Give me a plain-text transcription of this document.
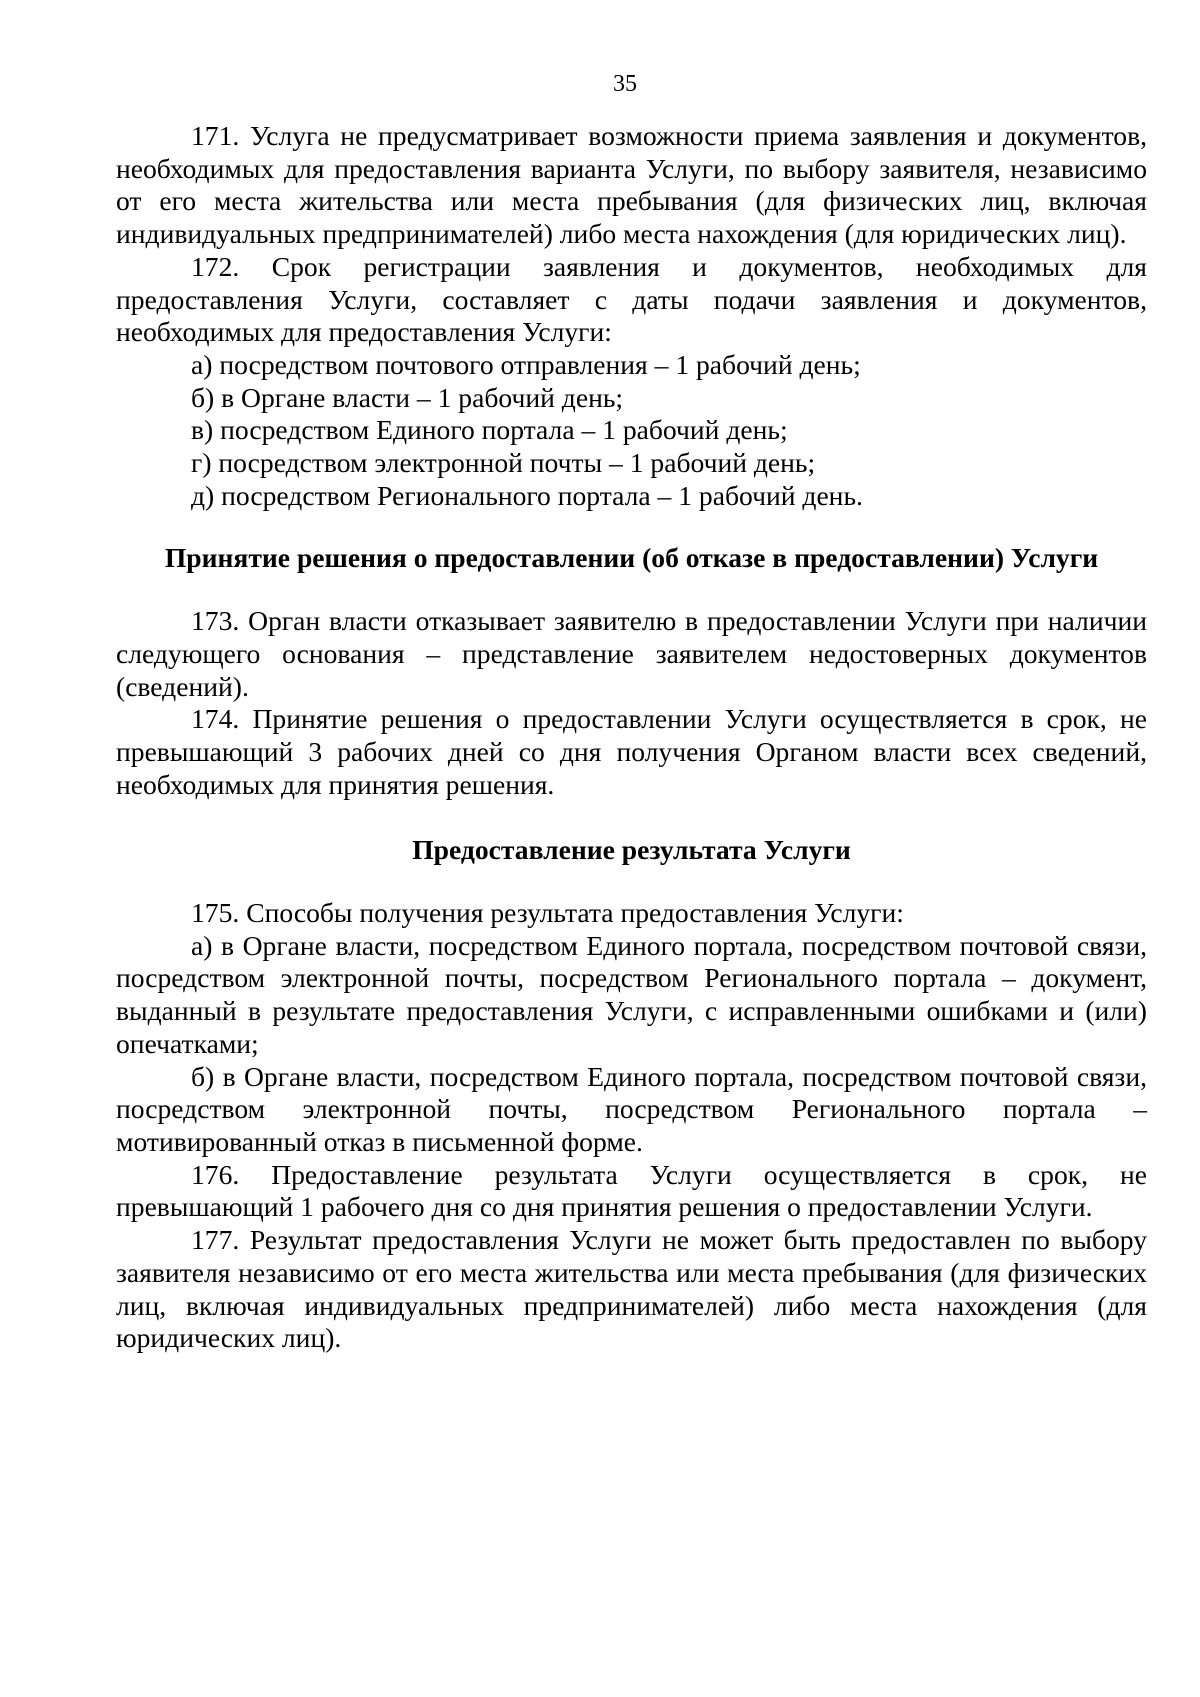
35

171. Услуга не предусматривает возможности приема заявления и документов, необходимых для предоставления варианта Услуги, по выбору заявителя, независимо от его места жительства или места пребывания (для физических лиц, включая индивидуальных предпринимателей) либо места нахождения (для юридических лиц).

172. Срок регистрации заявления и документов, необходимых для предоставления Услуги, составляет с даты подачи заявления и документов, необходимых для предоставления Услуги:

а) посредством почтового отправления – 1 рабочий день;

б) в Органе власти – 1 рабочий день;

в) посредством Единого портала – 1 рабочий день;

г) посредством электронной почты – 1 рабочий день;

д) посредством Регионального портала – 1 рабочий день.

Принятие решения о предоставлении (об отказе в предоставлении) Услуги

173. Орган власти отказывает заявителю в предоставлении Услуги при наличии следующего основания – представление заявителем недостоверных документов (сведений).

174. Принятие решения о предоставлении Услуги осуществляется в срок, не превышающий 3 рабочих дней со дня получения Органом власти всех сведений, необходимых для принятия решения.

Предоставление результата Услуги

175. Способы получения результата предоставления Услуги:

а) в Органе власти, посредством Единого портала, посредством почтовой связи, посредством электронной почты, посредством Регионального портала – документ, выданный в результате предоставления Услуги, с исправленными ошибками и (или) опечатками;

б) в Органе власти, посредством Единого портала, посредством почтовой связи, посредством электронной почты, посредством Регионального портала – мотивированный отказ в письменной форме.

176. Предоставление результата Услуги осуществляется в срок, не превышающий 1 рабочего дня со дня принятия решения о предоставлении Услуги.

177. Результат предоставления Услуги не может быть предоставлен по выбору заявителя независимо от его места жительства или места пребывания (для физических лиц, включая индивидуальных предпринимателей) либо места нахождения (для юридических лиц).
